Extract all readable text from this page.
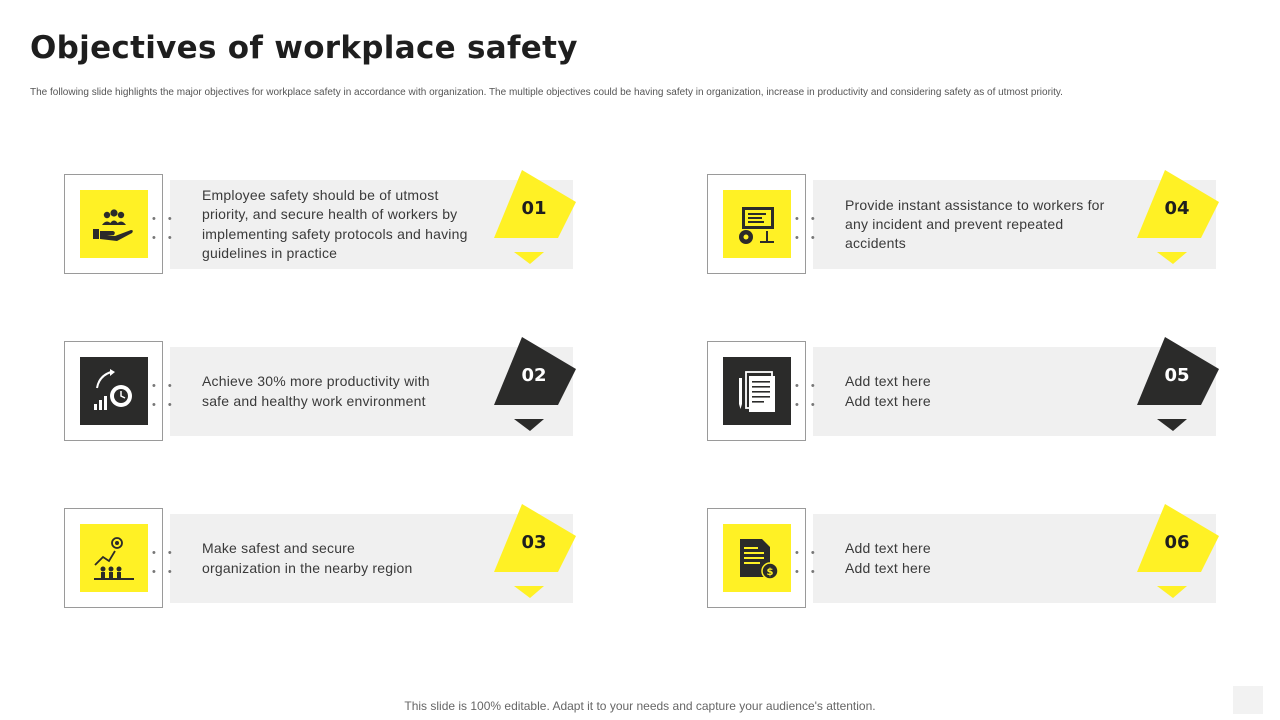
Objectives of workplace safety
The following slide highlights the major objectives for workplace safety in accordance with organization. The multiple objectives could be having safety in organization, increase in productivity and considering safety as of utmost priority.
••
••
Employee safety should be of utmost
priority, and secure health of workers by
implementing safety protocols and having
guidelines in practice
01
••
••
Achieve 30% more productivity with
safe and healthy work environment
02
••
••
Make safest and secure
organization in the nearby region
03
••
••
Provide instant assistance to workers for
any incident and prevent repeated
accidents
04
••
••
Add text here
Add text here
05
$
••
••
Add text here
Add text here
06
This slide is 100% editable. Adapt it to your needs and capture your audience's attention.
